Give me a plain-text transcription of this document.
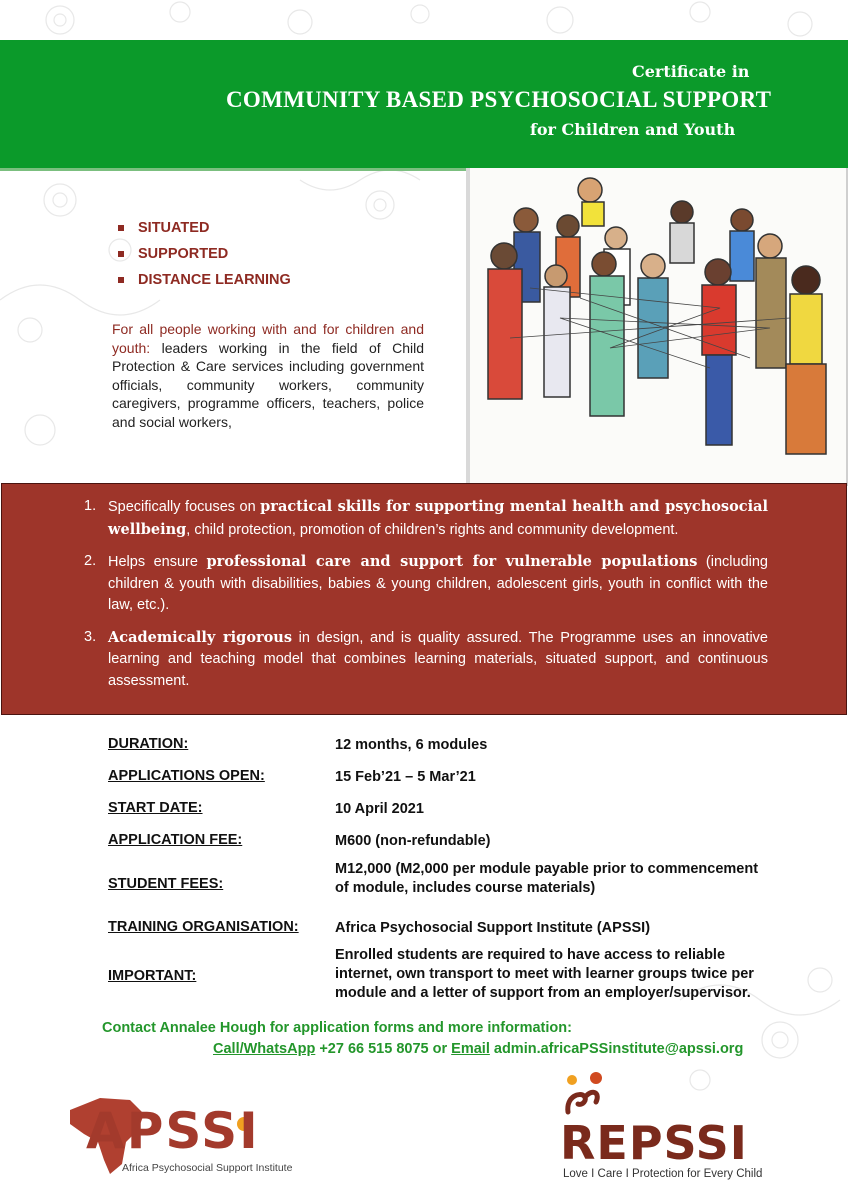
Certificate in
COMMUNITY BASED PSYCHOSOCIAL SUPPORT
for Children and Youth
SITUATED
SUPPORTED
DISTANCE LEARNING
For all people working with and for children and youth: leaders working in the field of Child Protection & Care services including government officials, community workers, community caregivers, programme officers, teachers, police and social workers,
1. Specifically focuses on practical skills for supporting mental health and psychosocial wellbeing, child protection, promotion of children’s rights and community development.
2. Helps ensure professional care and support for vulnerable populations (including children & youth with disabilities, babies & young children, adolescent girls, youth in conflict with the law, etc.).
3. Academically rigorous in design, and is quality assured. The Programme uses an innovative learning and teaching model that combines learning materials, situated support, and continuous assessment.
DURATION:	12 months, 6 modules
APPLICATIONS OPEN:	15 Feb’21 – 5 Mar’21
START DATE:	10 April 2021
APPLICATION FEE:	M600 (non-refundable)
STUDENT FEES:
M12,000 (M2,000 per module payable prior to commencement of module, includes course materials)
TRAINING ORGANISATION:	Africa Psychosocial Support Institute (APSSI)
IMPORTANT:
Enrolled students are required to have access to reliable internet, own transport to meet with learner groups twice per module and a letter of support from an employer/supervisor.
Contact Annalee Hough for application forms and more information:
Call/WhatsApp +27 66 515 8075 or Email admin.africaPSSinstitute@apssi.org
APSSI
Africa Psychosocial Support Institute	REPSSI
Love I Care I Protection for Every Child
